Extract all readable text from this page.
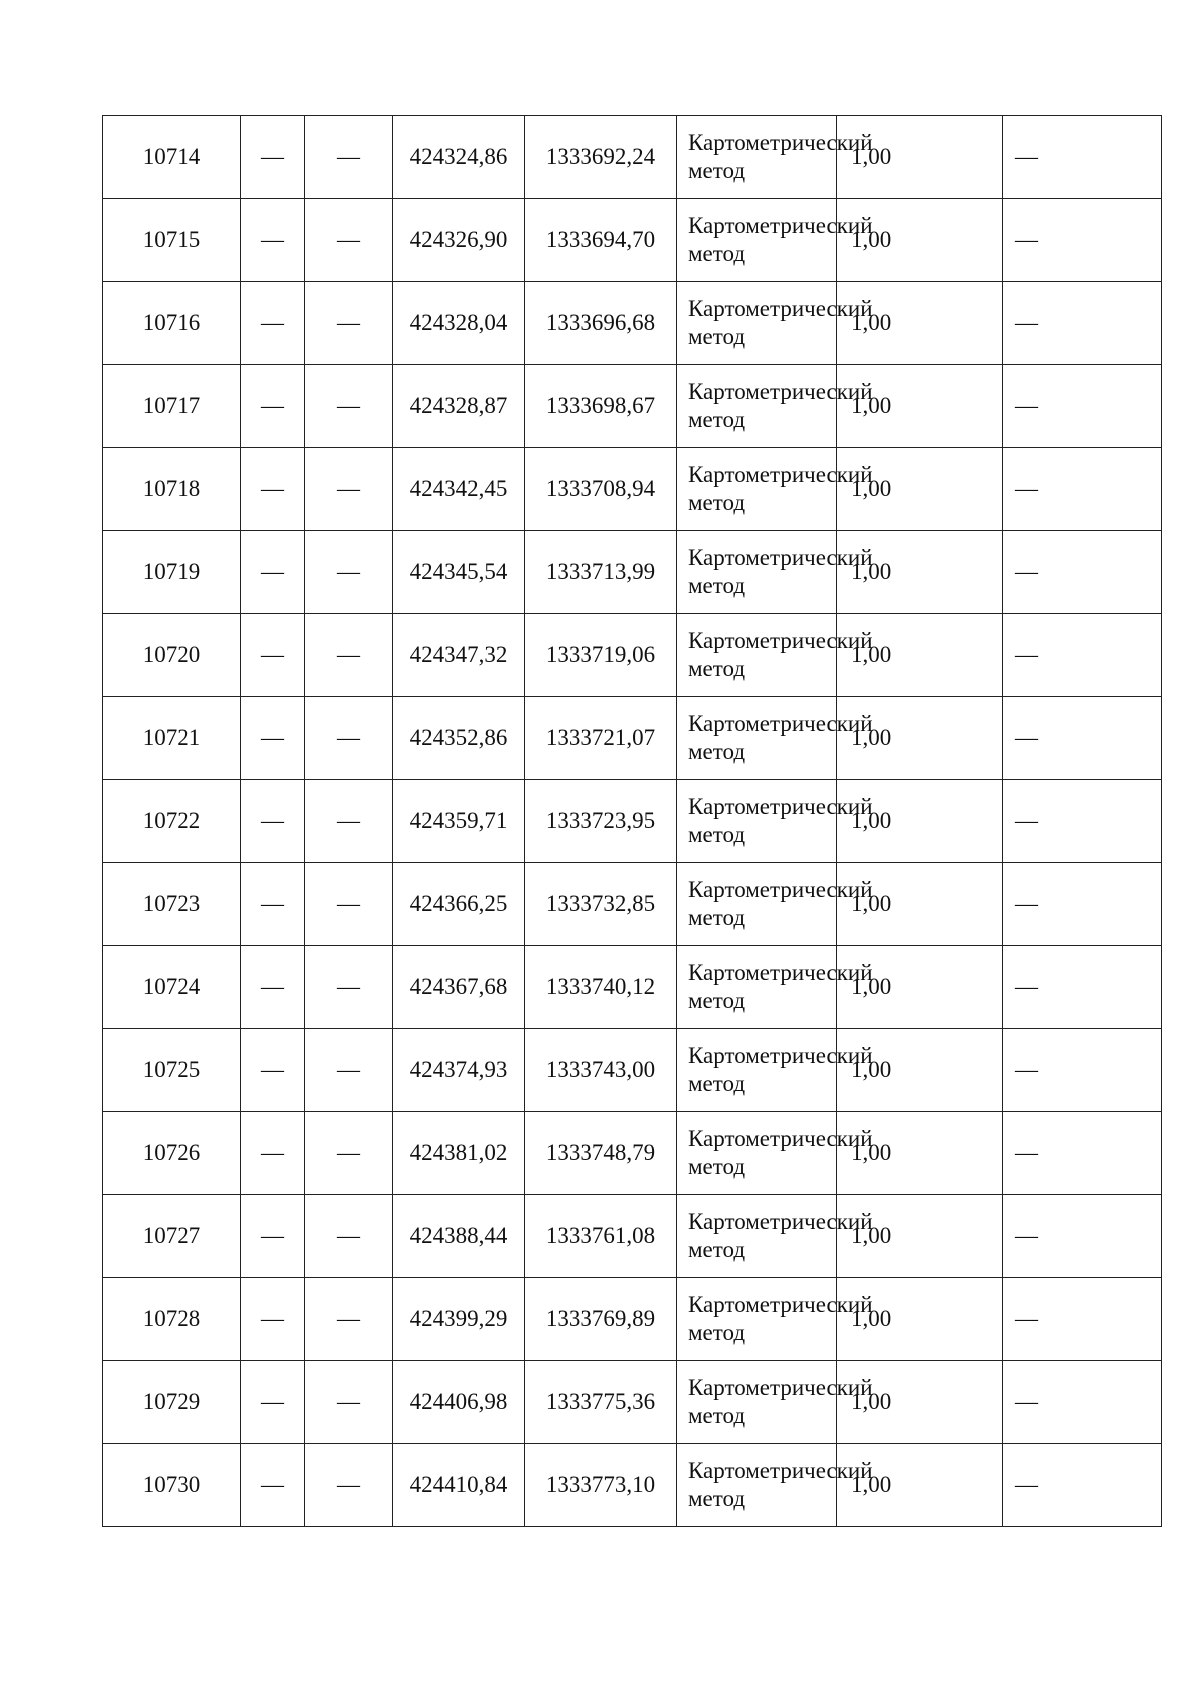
10714	—	—	424324,86	1333692,24	Картометрический метод	1,00	—
10715	—	—	424326,90	1333694,70	Картометрический метод	1,00	—
10716	—	—	424328,04	1333696,68	Картометрический метод	1,00	—
10717	—	—	424328,87	1333698,67	Картометрический метод	1,00	—
10718	—	—	424342,45	1333708,94	Картометрический метод	1,00	—
10719	—	—	424345,54	1333713,99	Картометрический метод	1,00	—
10720	—	—	424347,32	1333719,06	Картометрический метод	1,00	—
10721	—	—	424352,86	1333721,07	Картометрический метод	1,00	—
10722	—	—	424359,71	1333723,95	Картометрический метод	1,00	—
10723	—	—	424366,25	1333732,85	Картометрический метод	1,00	—
10724	—	—	424367,68	1333740,12	Картометрический метод	1,00	—
10725	—	—	424374,93	1333743,00	Картометрический метод	1,00	—
10726	—	—	424381,02	1333748,79	Картометрический метод	1,00	—
10727	—	—	424388,44	1333761,08	Картометрический метод	1,00	—
10728	—	—	424399,29	1333769,89	Картометрический метод	1,00	—
10729	—	—	424406,98	1333775,36	Картометрический метод	1,00	—
10730	—	—	424410,84	1333773,10	Картометрический метод	1,00	—
